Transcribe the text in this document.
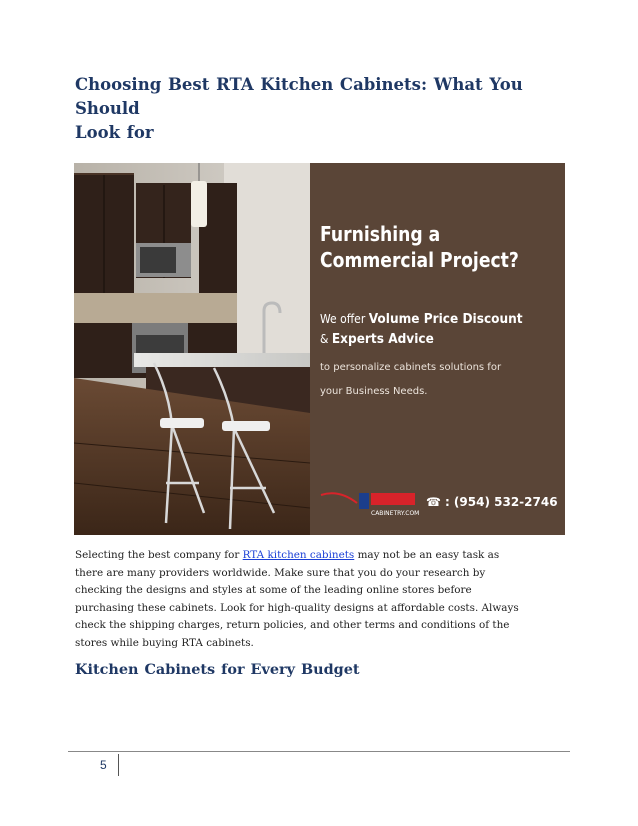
Choosing Best RTA Kitchen Cabinets: What You Should
Look for
Furnishing a
Commercial Project?
We offer Volume Price Discount
& Experts Advice
to personalize cabinets solutions for
your Business Needs.
CABINETRY.COM
☎ : (954) 532-2746

Selecting the best company for RTA kitchen cabinets may not be an easy task as
there are many providers worldwide. Make sure that you do your research by
checking the designs and styles at some of the leading online stores before
purchasing these cabinets. Look for high-quality designs at affordable costs. Always
check the shipping charges, return policies, and other terms and conditions of the
stores while buying RTA cabinets.

Kitchen Cabinets for Every Budget
5
